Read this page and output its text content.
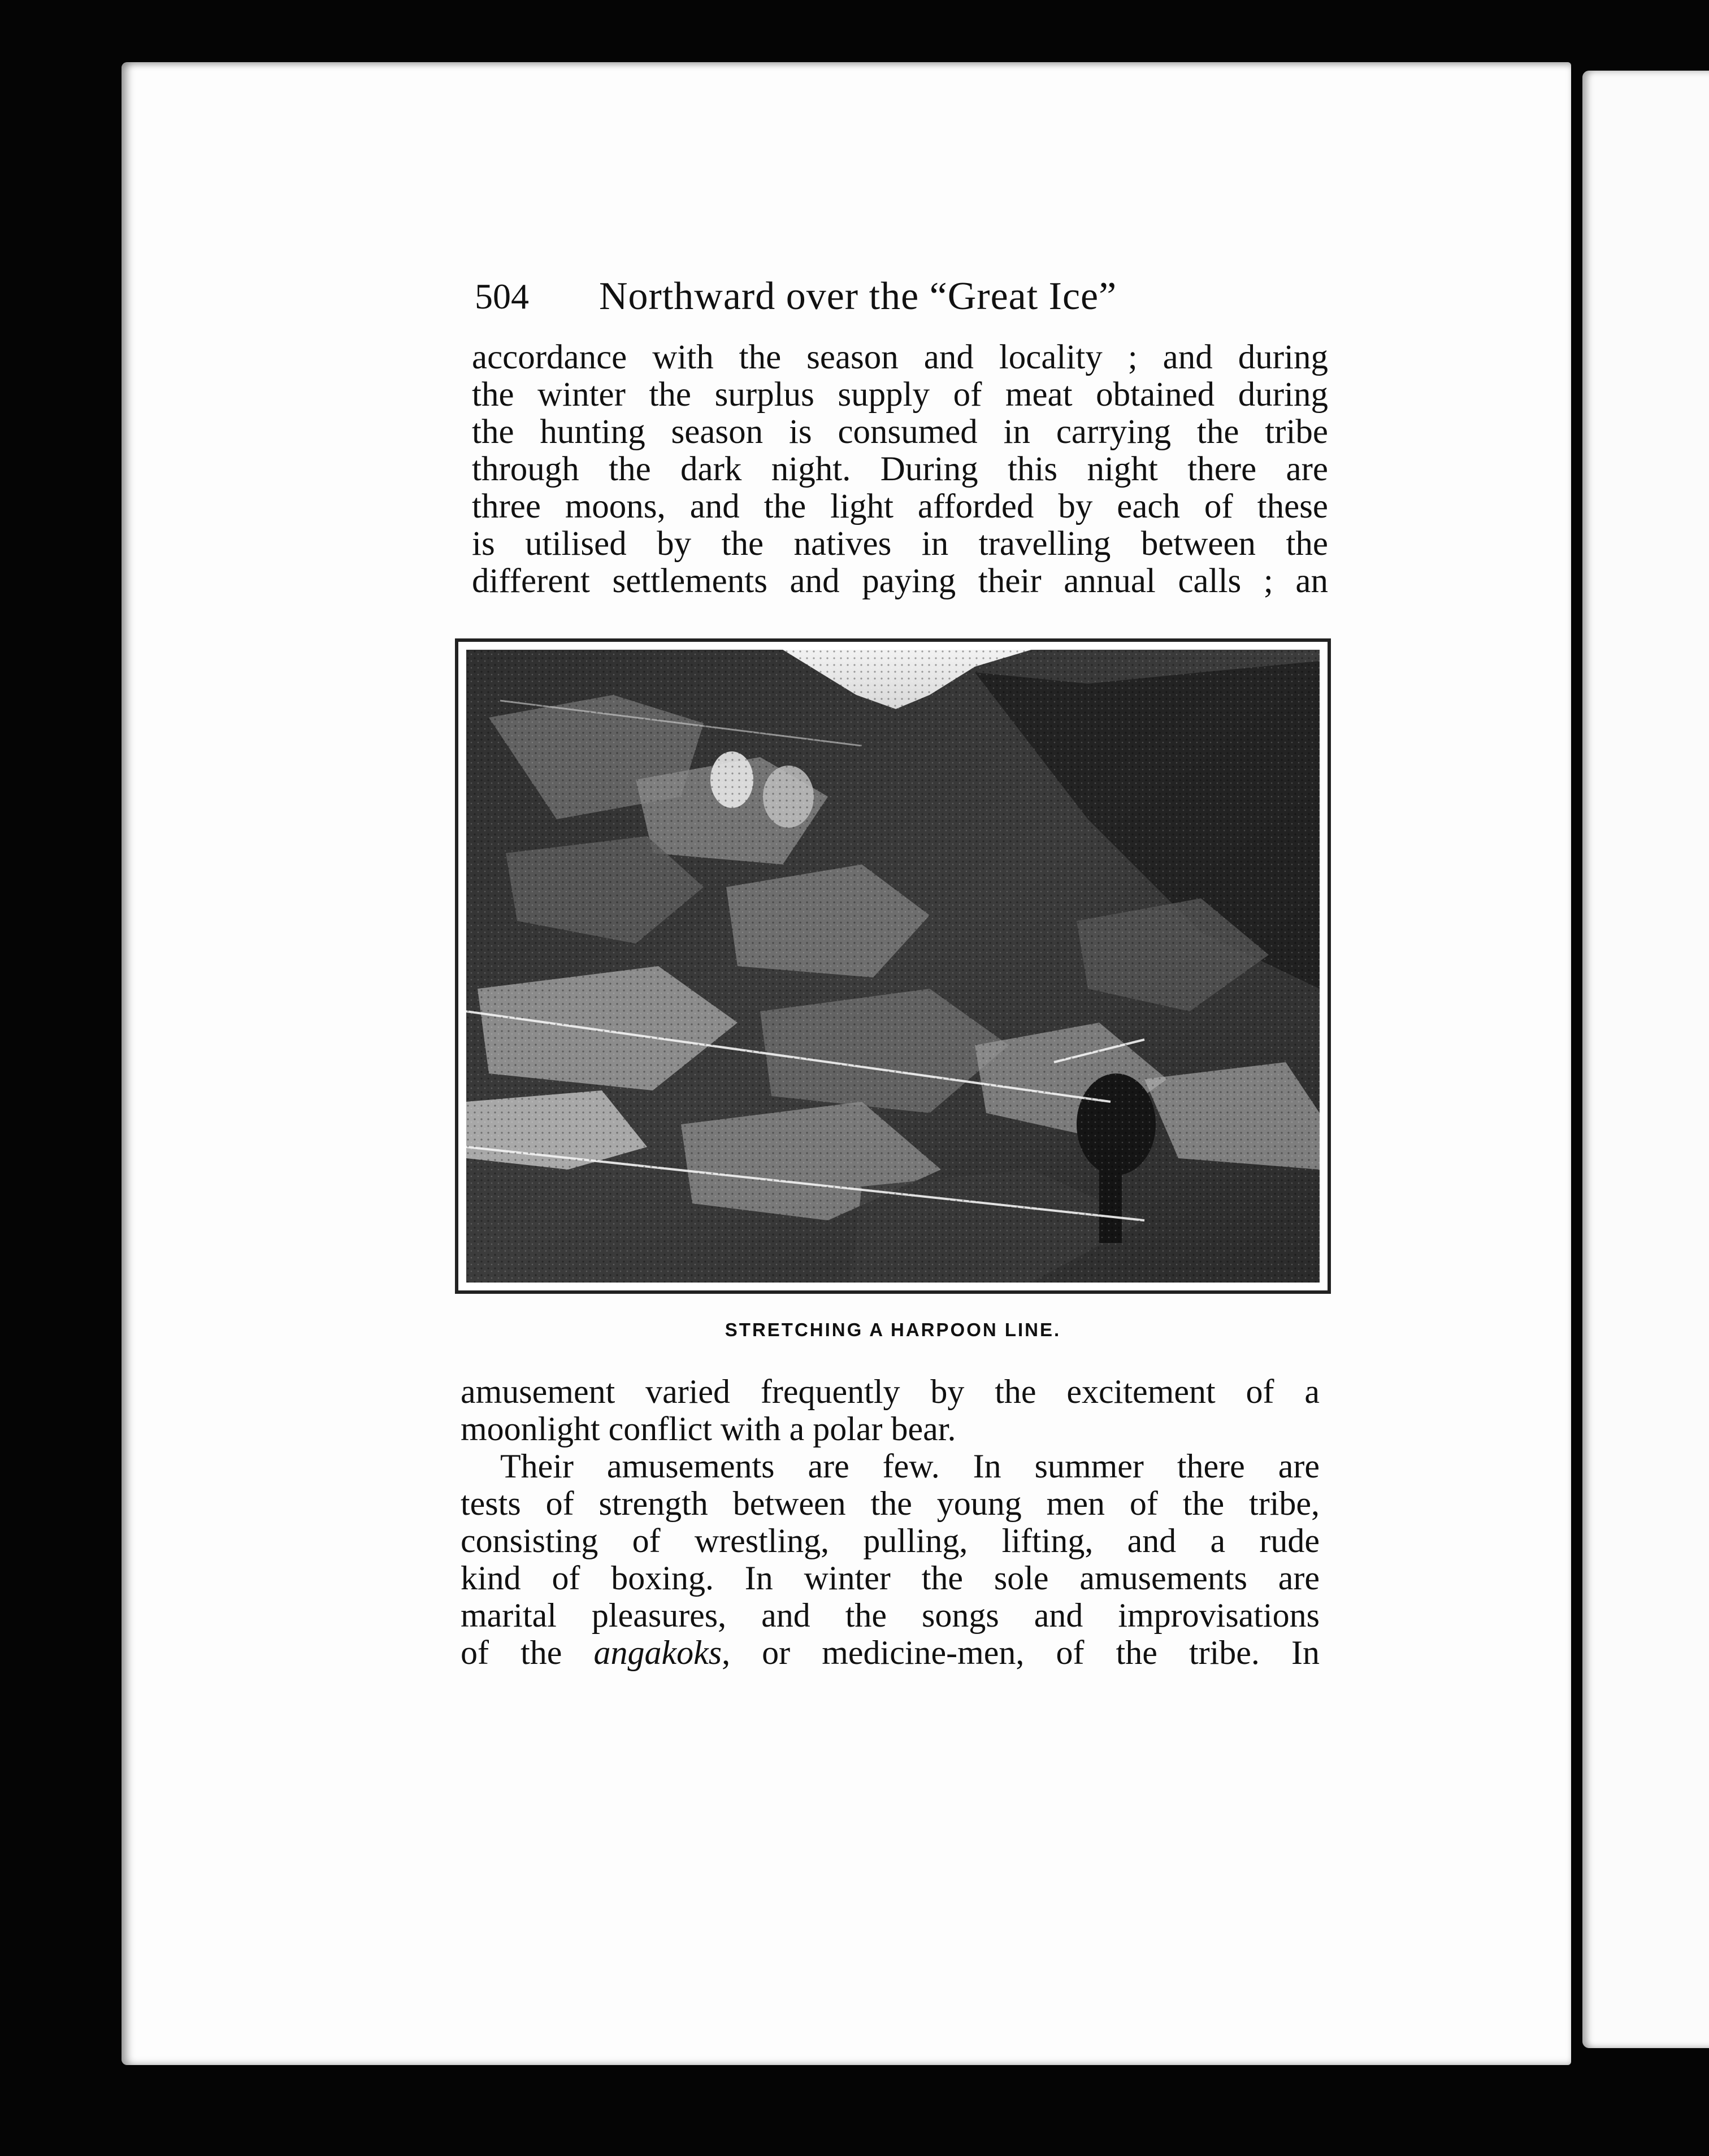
504 Northward over the “Great Ice”
accordance with the season and locality ; and during
the winter the surplus supply of meat obtained during
the hunting season is consumed in carrying the tribe
through the dark night. During this night there are
three moons, and the light afforded by each of these
is utilised by the natives in travelling between the
different settlements and paying their annual calls ; an
STRETCHING A HARPOON LINE.
amusement varied frequently by the excitement of a
moonlight conflict with a polar bear.
Their amusements are few. In summer there are
tests of strength between the young men of the tribe,
consisting of wrestling, pulling, lifting, and a rude
kind of boxing. In winter the sole amusements are
marital pleasures, and the songs and improvisations
of the angakoks, or medicine-men, of the tribe. In
